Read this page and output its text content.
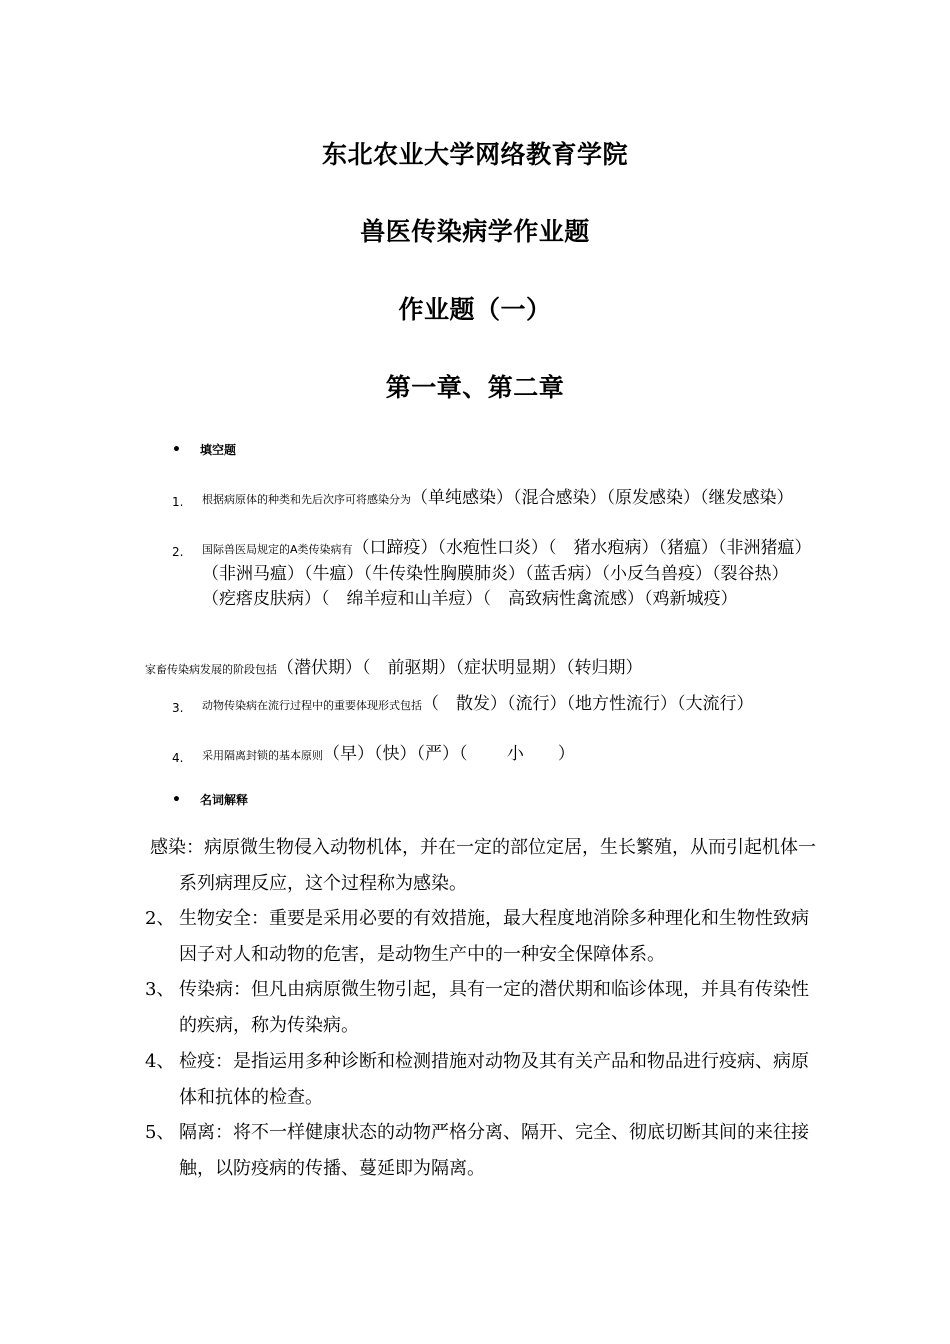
东北农业大学网络教育学院
兽医传染病学作业题
作业题（一）
第一章、第二章
• 填空题
1. 根据病原体的种类和先后次序可将感染分为（单纯感染）（混合感染）（原发感染）（继发感染）
2. 国际兽医局规定的A类传染病有（口蹄疫）（水疱性口炎）（　猪水疱病）（猪瘟）（非洲猪瘟）（非洲马瘟）（牛瘟）（牛传染性胸膜肺炎）（蓝舌病）（小反刍兽疫）（裂谷热）（疙瘩皮肤病）（　绵羊痘和山羊痘）（　高致病性禽流感）（鸡新城疫）
家畜传染病发展的阶段包括（潜伏期）（　前驱期）（症状明显期）（转归期）
3. 动物传染病在流行过程中的重要体现形式包括（　散发）（流行）（地方性流行）（大流行）
4. 采用隔离封锁的基本原则（早）（快）（严）（　　 小　　）
• 名词解释
感染：病原微生物侵入动物机体，并在一定的部位定居，生长繁殖，从而引起机体一系列病理反应，这个过程称为感染。
2、 生物安全：重要是采用必要的有效措施，最大程度地消除多种理化和生物性致病因子对人和动物的危害，是动物生产中的一种安全保障体系。
3、 传染病：但凡由病原微生物引起，具有一定的潜伏期和临诊体现，并具有传染性的疾病，称为传染病。
4、 检疫：是指运用多种诊断和检测措施对动物及其有关产品和物品进行疫病、病原体和抗体的检查。
5、 隔离：将不一样健康状态的动物严格分离、隔开、完全、彻底切断其间的来往接触，以防疫病的传播、蔓延即为隔离。
